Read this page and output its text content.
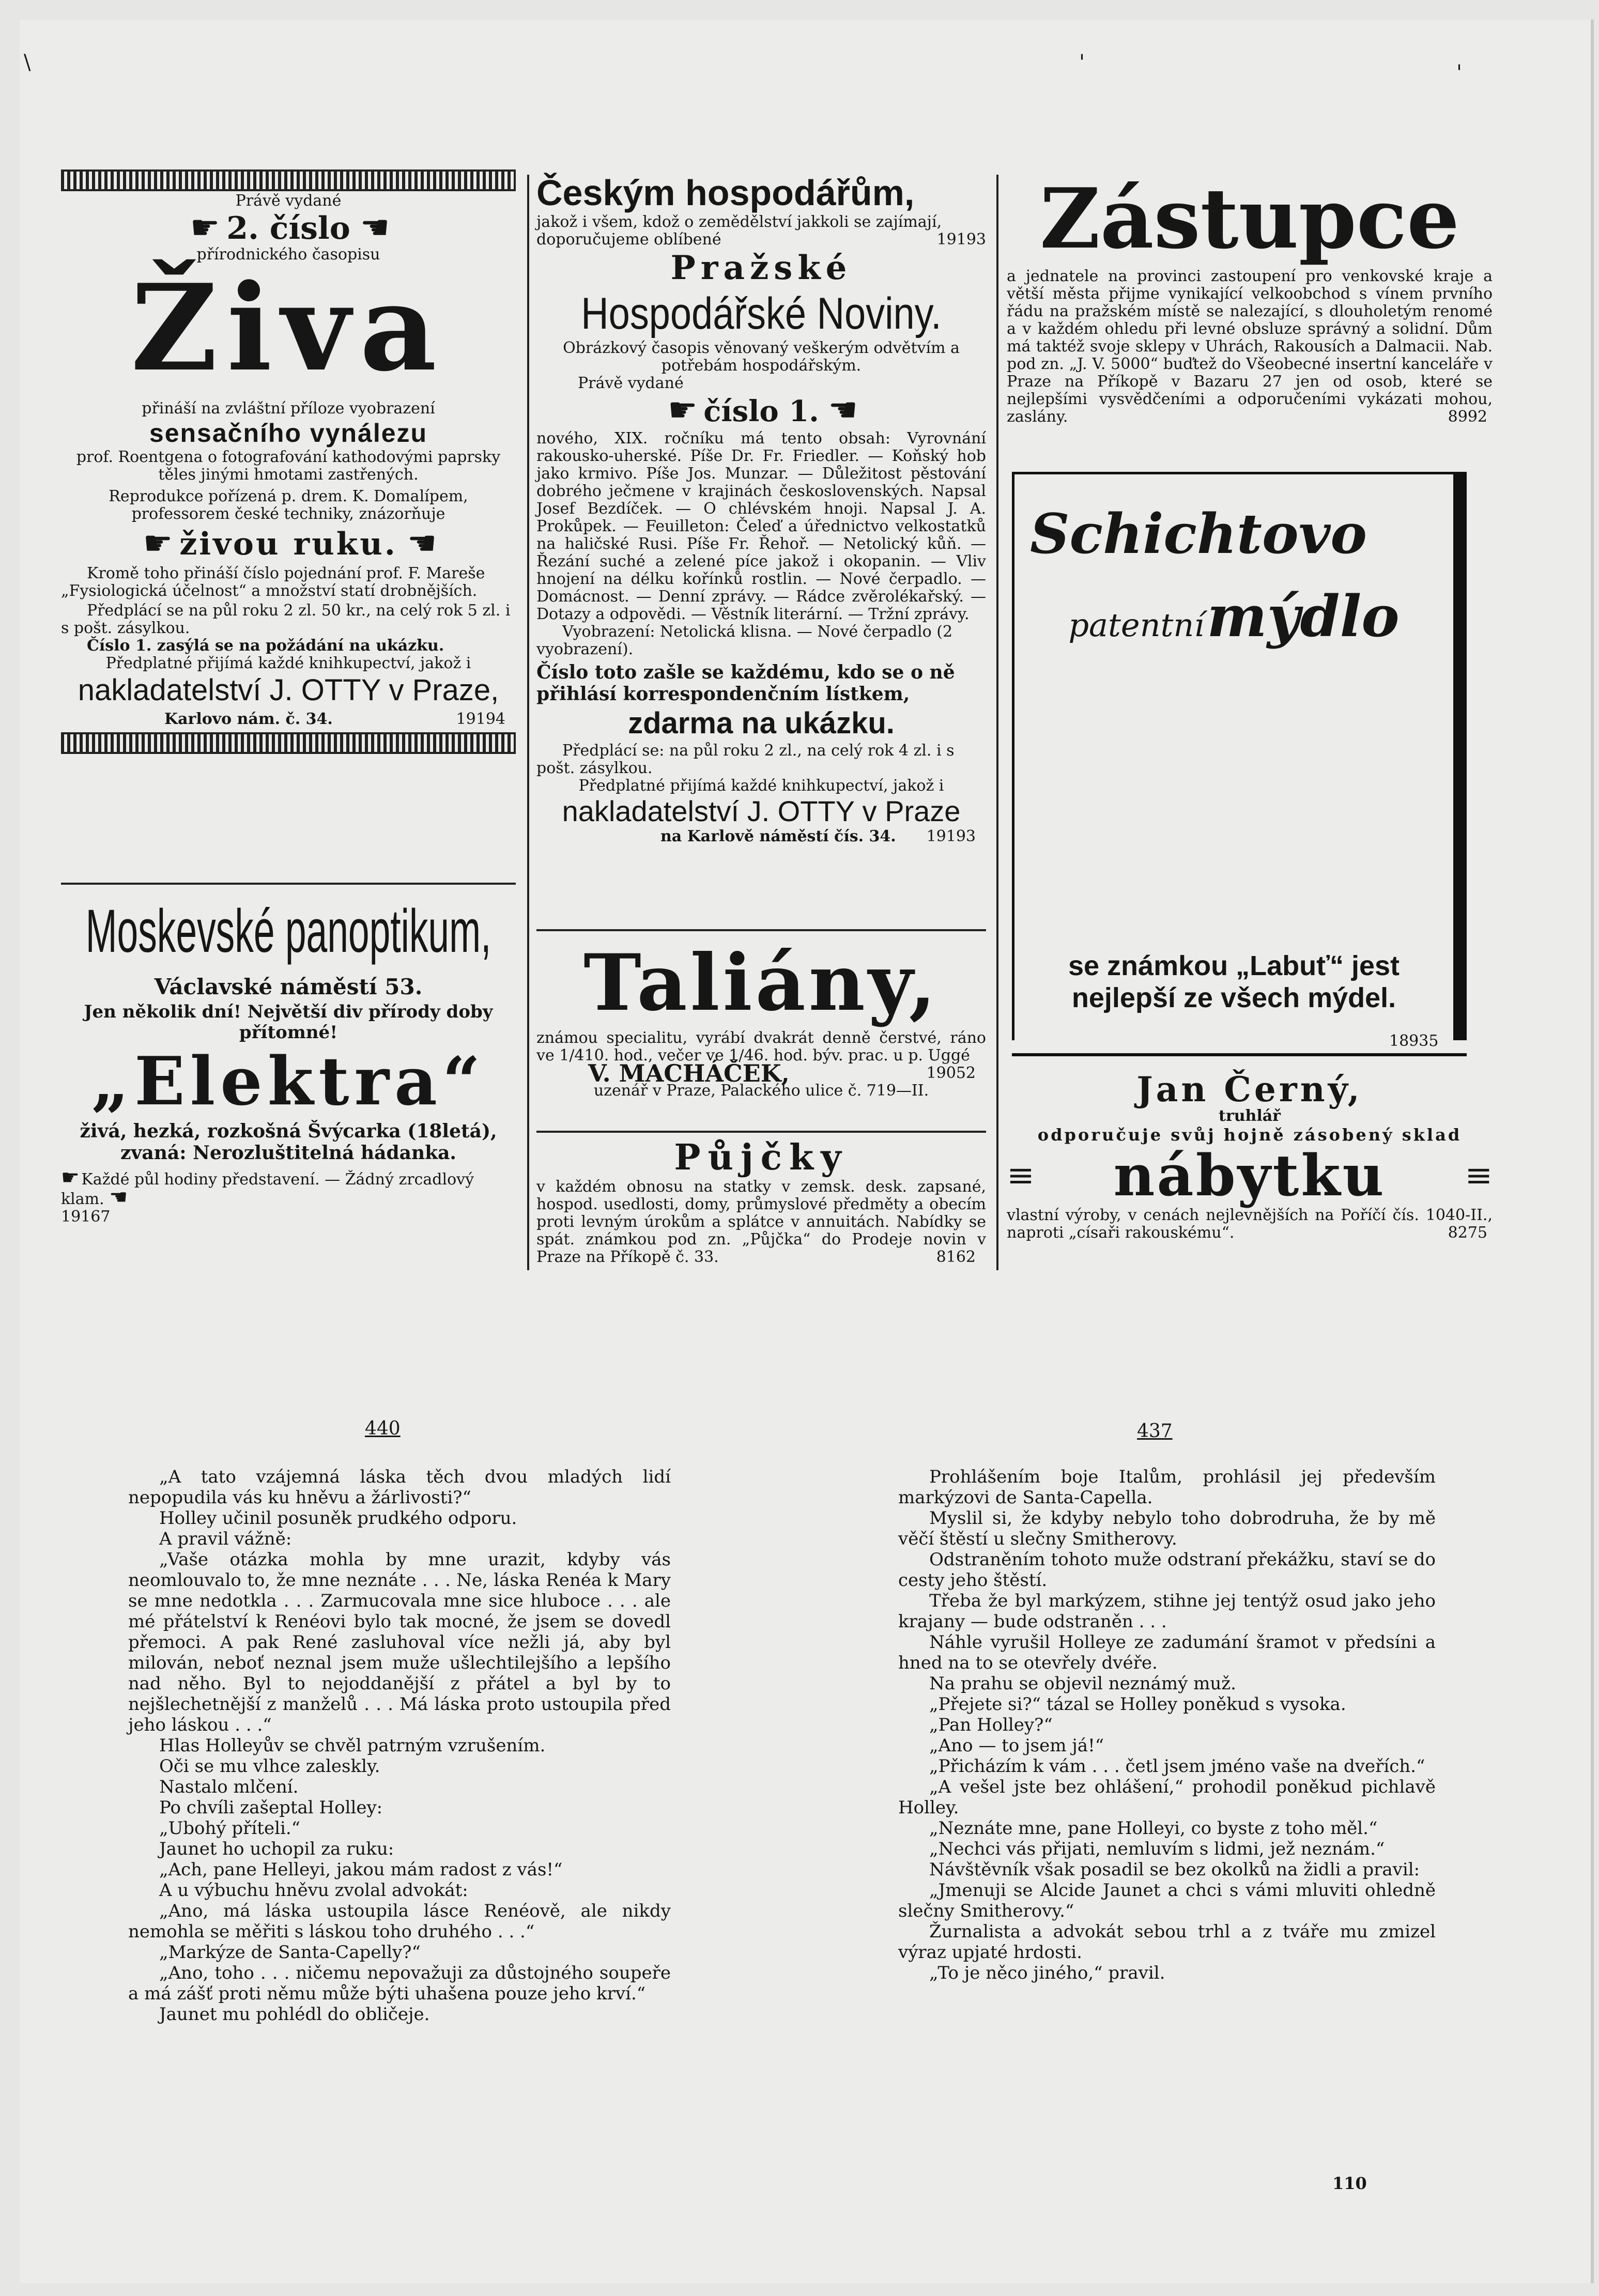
\	'	'

Právě vydané

☛ 2. číslo ☚

přírodnického časopisu

Živa

přináší na zvláštní příloze vyobrazení

sensačního vynálezu

prof. Roentgena o fotografování kathodovými paprsky těles jinými hmotami zastřených.

Reprodukce pořízená p. drem. K. Domalípem, professorem české techniky, znázorňuje

☛ živou ruku. ☚

Kromě toho přináší číslo pojednání prof. F. Mareše „Fysiologická účelnost“ a množství statí drobnějších.

Předplácí se na půl roku 2 zl. 50 kr., na celý rok 5 zl. i s pošt. zásylkou.

Číslo 1. zasýlá se na požádání na ukázku.

Předplatné přijímá každé knihkupectví, jakož i

nakladatelství J. OTTY v Praze,

Karlovo nám. č. 34.	19194

Moskevské panoptikum,

Václavské náměstí 53.

Jen několik dní! Největší div přírody doby přítomné!

„Elektra“

živá, hezká, rozkošná Švýcarka (18letá), zvaná: Nerozluštitelná hádanka.

☛ Každé půl hodiny představení. — Žádný zrcadlový klam. ☚

19167

Českým hospodářům,

jakož i všem, kdož o zemědělství jakkoli se zajímají, doporučujeme oblíbené	19193

Pražské

Hospodářské Noviny.

Obrázkový časopis věnovaný veškerým odvětvím a potřebám hospodářským.

Právě vydané

☛ číslo 1. ☚

nového, XIX. ročníku má tento obsah: Vyrovnání rakousko-uherské. Píše Dr. Fr. Friedler. — Koňský hob jako krmivo. Píše Jos. Munzar. — Důležitost pěstování dobrého ječmene v krajinách československých. Napsal Josef Bezdíček. — O chlévském hnoji. Napsal J. A. Prokůpek. — Feuilleton: Čeleď a úřednictvo velkostatků na haličské Rusi. Píše Fr. Řehoř. — Netolický kůň. — Řezání suché a zelené píce jakož i okopanin. — Vliv hnojení na délku kořínků rostlin. — Nové čerpadlo. — Domácnost. — Denní zprávy. — Rádce zvěrolékařský. — Dotazy a odpovědi. — Věstník literární. — Tržní zprávy.

Vyobrazení: Netolická klisna. — Nové čerpadlo (2 vyobrazení).

Číslo toto zašle se každému, kdo se o ně přihlásí korrespondenčním lístkem,

zdarma na ukázku.

Předplácí se: na půl roku 2 zl., na celý rok 4 zl. i s pošt. zásylkou.

Předplatné přijímá každé knihkupectví, jakož i

nakladatelství J. OTTY v Praze

na Karlově náměstí čís. 34. 19193

Taliány,

známou specialitu, vyrábí dvakrát denně čerstvé, ráno ve 1/410. hod., večer ve 1/46. hod. býv. prac. u p. Uggé

V. MACHÁČEK,	19052

uzenář v Praze, Palackého ulice č. 719—II.

Půjčky

v každém obnosu na statky v zemsk. desk. zapsané, hospod. usedlosti, domy, průmyslové předměty a obecím proti levným úrokům a splátce v annuitách. Nabídky se spát. známkou pod zn. „Půjčka“ do Prodeje novin v Praze na Příkopě č. 33.	8162

Zástupce

a jednatele na provinci zastoupení pro venkovské kraje a větší města přijme vynikající velkoobchod s vínem prvního řádu na pražském místě se nalezající, s dlouholetým renomé a v každém ohledu při levné obsluze správný a solidní. Dům má taktéž svoje sklepy v Uhrách, Rakousích a Dalmacii. Nab. pod zn. „J. V. 5000“ buďtež do Všeobecné insertní kanceláře v Praze na Příkopě v Bazaru 27 jen od osob, které se nejlepšími vysvědčeními a odporučeními vykázati mohou, zaslány.	8992

Schichtovo

patentní mýdlo

se známkou „Labuť“ jest nejlepší ze všech mýdel.

18935

Jan Černý,

truhlář

odporučuje svůj hojně zásobený sklad

≡ nábytku ≡

vlastní výroby, v cenách nejlevnějších na Poříčí čís. 1040-II., naproti „císaři rakouskému“.	8275

440	437

„A tato vzájemná láska těch dvou mladých lidí nepopudila vás ku hněvu a žárlivosti?“

Holley učinil posuněk prudkého odporu.

A pravil vážně:

„Vaše otázka mohla by mne urazit, kdyby vás neomlouvalo to, že mne neznáte . . . Ne, láska Renéa k Mary se mne nedotkla . . . Zarmucovala mne sice hluboce . . . ale mé přátelství k Renéovi bylo tak mocné, že jsem se dovedl přemoci. A pak René zasluhoval více nežli já, aby byl milován, neboť neznal jsem muže ušlechtilejšího a lepšího nad něho. Byl to nejoddanější z přátel a byl by to nejšlechetnější z manželů . . . Má láska proto ustoupila před jeho láskou . . .“

Hlas Holleyův se chvěl patrným vzrušením.

Oči se mu vlhce zaleskly.

Nastalo mlčení.

Po chvíli zašeptal Holley:

„Ubohý příteli.“

Jaunet ho uchopil za ruku:

„Ach, pane Helleyi, jakou mám radost z vás!“

A u výbuchu hněvu zvolal advokát:

„Ano, má láska ustoupila lásce Renéově, ale nikdy nemohla se měřiti s láskou toho druhého . . .“

„Markýze de Santa-Capelly?“

„Ano, toho . . . ničemu nepovažuji za důstojného soupeře a má zášť proti němu může býti uhašena pouze jeho krví.“

Jaunet mu pohlédl do obličeje.

Prohlášením boje Italům, prohlásil jej především markýzovi de Santa-Capella.

Myslil si, že kdyby nebylo toho dobrodruha, že by mě věčí štěstí u slečny Smitherovy.

Odstraněním tohoto muže odstraní překážku, staví se do cesty jeho štěstí.

Třeba že byl markýzem, stihne jej tentýž osud jako jeho krajany — bude odstraněn . . .

Náhle vyrušil Holleye ze zadumání šramot v předsíni a hned na to se otevřely dvéře.

Na prahu se objevil neznámý muž.

„Přejete si?“ tázal se Holley poněkud s vysoka.

„Pan Holley?“

„Ano — to jsem já!“

„Přicházím k vám . . . četl jsem jméno vaše na dveřích.“

„A vešel jste bez ohlášení,“ prohodil poněkud pichlavě Holley.

„Neznáte mne, pane Holleyi, co byste z toho měl.“

„Nechci vás přijati, nemluvím s lidmi, jež neznám.“

Návštěvník však posadil se bez okolků na židli a pravil:

„Jmenuji se Alcide Jaunet a chci s vámi mluviti ohledně slečny Smitherovy.“

Žurnalista a advokát sebou trhl a z tváře mu zmizel výraz upjaté hrdosti.

„To je něco jiného,“ pravil.

110
